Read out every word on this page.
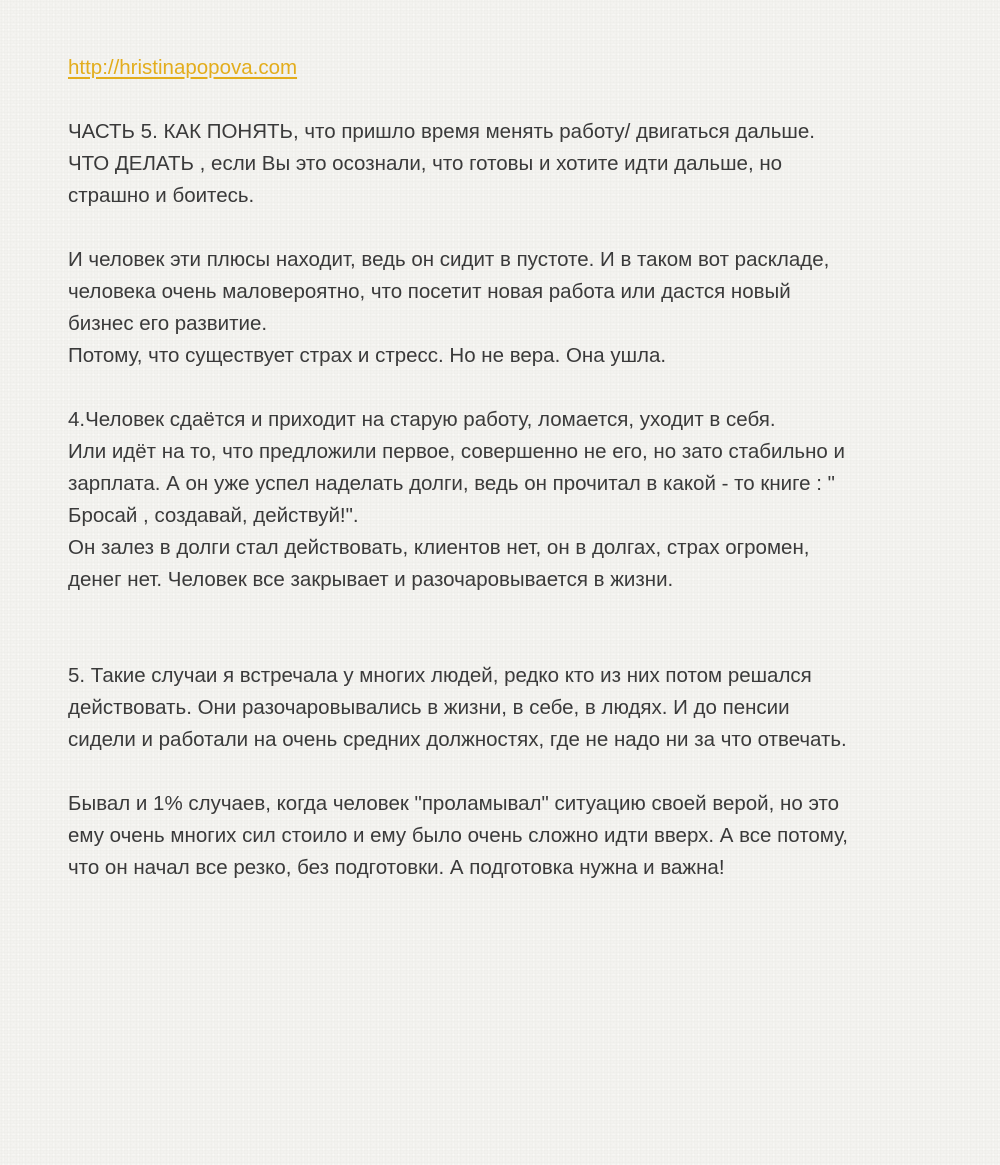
http://hristinapopova.com

ЧАСТЬ 5. КАК ПОНЯТЬ, что пришло время менять работу/ двигаться дальше.
ЧТО ДЕЛАТЬ , если Вы это осознали, что готовы и хотите идти дальше, но
страшно и боитесь.

И человек эти плюсы находит, ведь он сидит в пустоте. И в таком вот раскладе,
человека очень маловероятно, что посетит новая работа или дастся новый
бизнес его развитие.
Потому, что существует страх и стресс. Но не вера. Она ушла.

4.Человек сдаётся и приходит на старую работу, ломается, уходит в себя.
Или идёт на то, что предложили первое, совершенно не его, но зато стабильно и
зарплата. А он уже успел наделать долги, ведь он прочитал в какой - то книге : "
Бросай , создавай, действуй!".
Он залез в долги стал действовать, клиентов нет, он в долгах, страх огромен,
денег нет. Человек все закрывает и разочаровывается в жизни.

5. Такие случаи я встречала у многих людей, редко кто из них потом решался
действовать. Они разочаровывались в жизни, в себе, в людях. И до пенсии
сидели и работали на очень средних должностях, где не надо ни за что отвечать.

Бывал и 1% случаев, когда человек "проламывал" ситуацию своей верой, но это
ему очень многих сил стоило и ему было очень сложно идти вверх. А все потому,
что он начал все резко, без подготовки. А подготовка нужна и важна!
